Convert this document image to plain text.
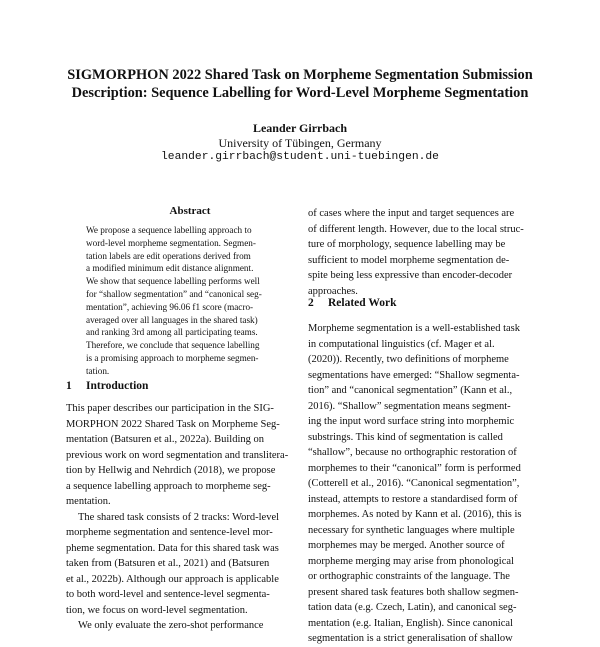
SIGMORPHON 2022 Shared Task on Morpheme Segmentation Submission
Description: Sequence Labelling for Word-Level Morpheme Segmentation
Leander Girrbach
University of Tübingen, Germany
leander.girrbach@student.uni-tuebingen.de
Abstract
We propose a sequence labelling approach to
word-level morpheme segmentation. Segmen-
tation labels are edit operations derived from
a modified minimum edit distance alignment.
We show that sequence labelling performs well
for “shallow segmentation” and “canonical seg-
mentation”, achieving 96.06 f1 score (macro-
averaged over all languages in the shared task)
and ranking 3rd among all participating teams.
Therefore, we conclude that sequence labelling
is a promising approach to morpheme segmen-
tation.
1 Introduction
This paper describes our participation in the SIG-
MORPHON 2022 Shared Task on Morpheme Seg-
mentation (Batsuren et al., 2022a). Building on
previous work on word segmentation and translitera-
tion by Hellwig and Nehrdich (2018), we propose
a sequence labelling approach to morpheme seg-
mentation.
The shared task consists of 2 tracks: Word-level
morpheme segmentation and sentence-level mor-
pheme segmentation. Data for this shared task was
taken from (Batsuren et al., 2021) and (Batsuren
et al., 2022b). Although our approach is applicable
to both word-level and sentence-level segmenta-
tion, we focus on word-level segmentation.
We only evaluate the zero-shot performance
of cases where the input and target sequences are
of different length. However, due to the local struc-
ture of morphology, sequence labelling may be
sufficient to model morpheme segmentation de-
spite being less expressive than encoder-decoder
approaches.
2 Related Work
Morpheme segmentation is a well-established task
in computational linguistics (cf. Mager et al.
(2020)). Recently, two definitions of morpheme
segmentations have emerged: “Shallow segmenta-
tion” and “canonical segmentation” (Kann et al.,
2016). “Shallow” segmentation means segment-
ing the input word surface string into morphemic
substrings. This kind of segmentation is called
“shallow”, because no orthographic restoration of
morphemes to their “canonical” form is performed
(Cotterell et al., 2016). “Canonical segmentation”,
instead, attempts to restore a standardised form of
morphemes. As noted by Kann et al. (2016), this is
necessary for synthetic languages where multiple
morphemes may be merged. Another source of
morpheme merging may arise from phonological
or orthographic constraints of the language. The
present shared task features both shallow segmen-
tation data (e.g. Czech, Latin), and canonical seg-
mentation (e.g. Italian, English). Since canonical
segmentation is a strict generalisation of shallow
